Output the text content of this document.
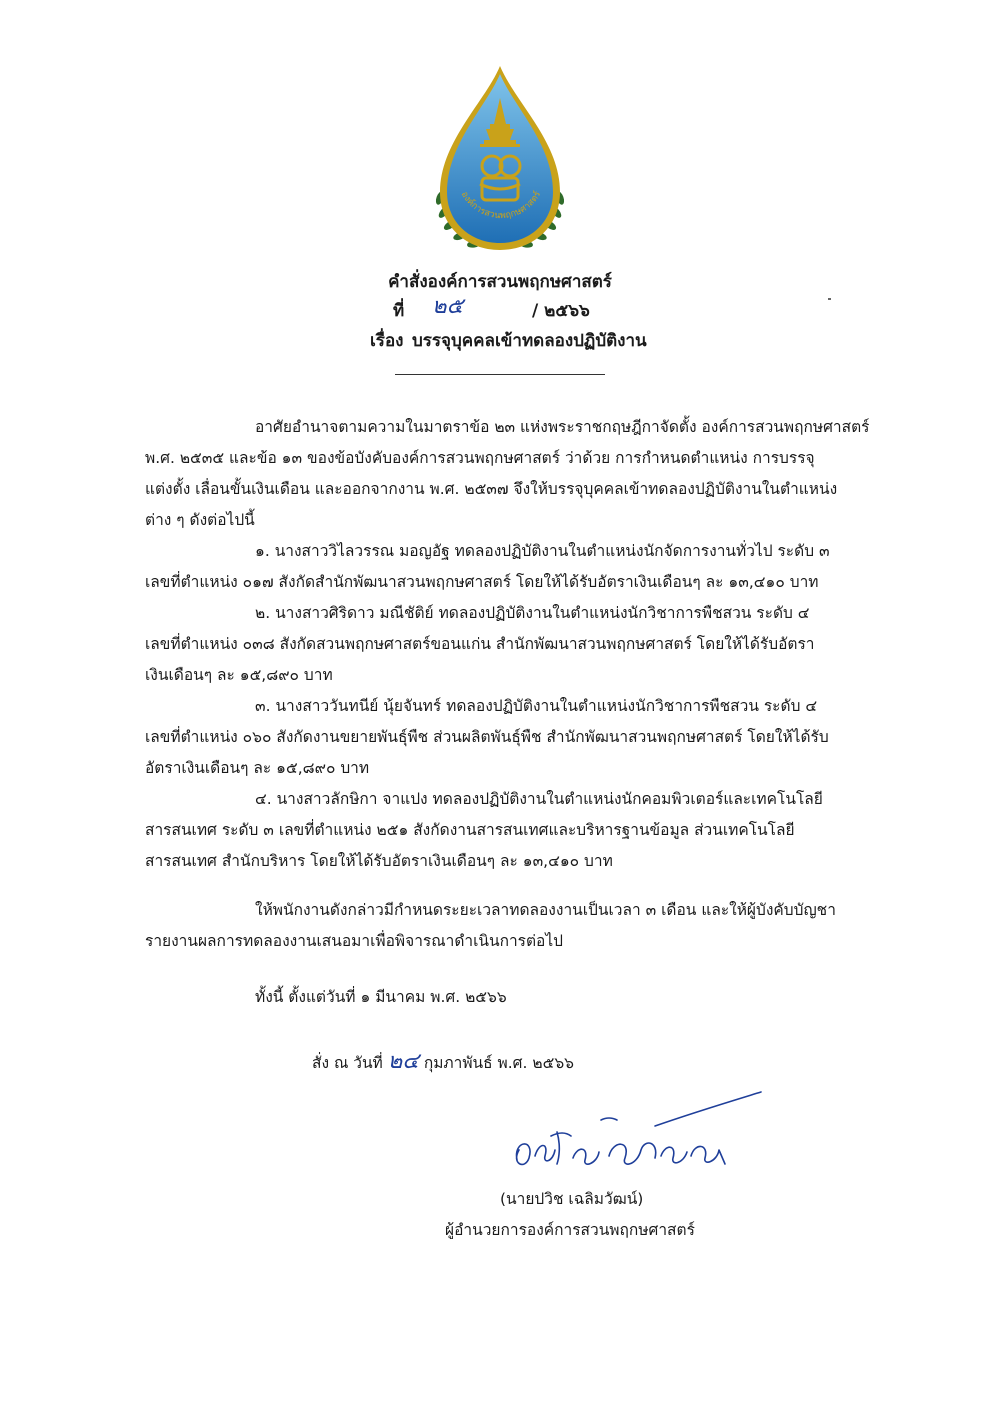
องค์การสวนพฤกษศาสตร์
คำสั่งองค์การสวนพฤกษศาสตร์
ที่ ๒๕	/ ๒๕๖๖
เรื่อง บรรจุบุคคลเข้าทดลองปฏิบัติงาน
อาศัยอำนาจตามความในมาตราข้อ ๒๓ แห่งพระราชกฤษฎีกาจัดตั้ง องค์การสวนพฤกษศาสตร์
พ.ศ. ๒๕๓๕ และข้อ ๑๓ ของข้อบังคับองค์การสวนพฤกษศาสตร์ ว่าด้วย การกำหนดตำแหน่ง การบรรจุ
แต่งตั้ง เลื่อนขั้นเงินเดือน และออกจากงาน พ.ศ. ๒๕๓๗ จึงให้บรรจุบุคคลเข้าทดลองปฏิบัติงานในตำแหน่ง
ต่าง ๆ ดังต่อไปนี้
๑. นางสาววิไลวรรณ มอญอัฐ ทดลองปฏิบัติงานในตำแหน่งนักจัดการงานทั่วไป ระดับ ๓
เลขที่ตำแหน่ง ๐๑๗ สังกัดสำนักพัฒนาสวนพฤกษศาสตร์ โดยให้ได้รับอัตราเงินเดือนๆ ละ ๑๓,๔๑๐ บาท
๒. นางสาวศิริดาว มณีชัติย์ ทดลองปฏิบัติงานในตำแหน่งนักวิชาการพืชสวน ระดับ ๔
เลขที่ตำแหน่ง ๐๓๘ สังกัดสวนพฤกษศาสตร์ขอนแก่น สำนักพัฒนาสวนพฤกษศาสตร์ โดยให้ได้รับอัตรา
เงินเดือนๆ ละ ๑๕,๘๙๐ บาท
๓. นางสาววันทนีย์ นุ้ยจันทร์ ทดลองปฏิบัติงานในตำแหน่งนักวิชาการพืชสวน ระดับ ๔
เลขที่ตำแหน่ง ๐๖๐ สังกัดงานขยายพันธุ์พืช ส่วนผลิตพันธุ์พืช สำนักพัฒนาสวนพฤกษศาสตร์ โดยให้ได้รับ
อัตราเงินเดือนๆ ละ ๑๕,๘๙๐ บาท
๔. นางสาวลักษิกา จาแปง ทดลองปฏิบัติงานในตำแหน่งนักคอมพิวเตอร์และเทคโนโลยี
สารสนเทศ ระดับ ๓ เลขที่ตำแหน่ง ๒๕๑ สังกัดงานสารสนเทศและบริหารฐานข้อมูล ส่วนเทคโนโลยี
สารสนเทศ สำนักบริหาร โดยให้ได้รับอัตราเงินเดือนๆ ละ ๑๓,๔๑๐ บาท
ให้พนักงานดังกล่าวมีกำหนดระยะเวลาทดลองงานเป็นเวลา ๓ เดือน และให้ผู้บังคับบัญชา
รายงานผลการทดลองงานเสนอมาเพื่อพิจารณาดำเนินการต่อไป
ทั้งนี้ ตั้งแต่วันที่ ๑ มีนาคม พ.ศ. ๒๕๖๖
สั่ง ณ วันที่ ๒๔ กุมภาพันธ์ พ.ศ. ๒๕๖๖
(นายปวิช เฉลิมวัฒน์)
ผู้อำนวยการองค์การสวนพฤกษศาสตร์
